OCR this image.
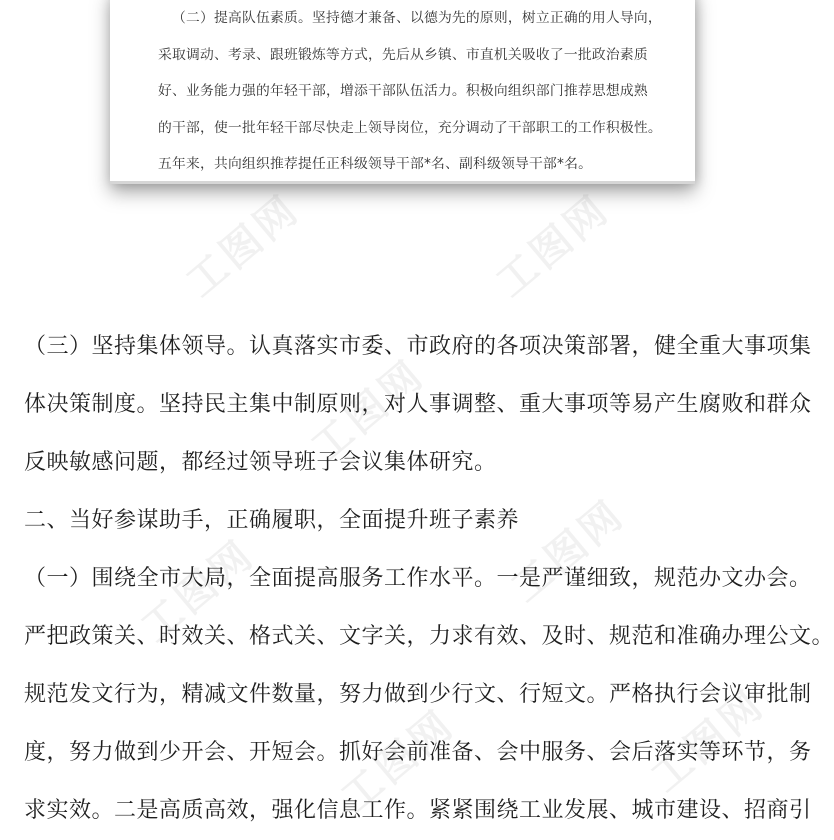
工图网	工图网
工图网
工图网
工图网
工图网	工图网
（二）提高队伍素质。坚持德才兼备、以德为先的原则，树立正确的用人导向，
采取调动、考录、跟班锻炼等方式，先后从乡镇、市直机关吸收了一批政治素质
好、业务能力强的年轻干部，增添干部队伍活力。积极向组织部门推荐思想成熟
的干部，使一批年轻干部尽快走上领导岗位，充分调动了干部职工的工作积极性。
五年来，共向组织推荐提任正科级领导干部*名、副科级领导干部*名。
（三）坚持集体领导。认真落实市委、市政府的各项决策部署，健全重大事项集
体决策制度。坚持民主集中制原则，对人事调整、重大事项等易产生腐败和群众
反映敏感问题，都经过领导班子会议集体研究。
二、当好参谋助手，正确履职，全面提升班子素养
（一）围绕全市大局，全面提高服务工作水平。一是严谨细致，规范办文办会。
严把政策关、时效关、格式关、文字关，力求有效、及时、规范和准确办理公文。
规范发文行为，精减文件数量，努力做到少行文、行短文。严格执行会议审批制
度，努力做到少开会、开短会。抓好会前准备、会中服务、会后落实等环节，务
求实效。二是高质高效，强化信息工作。紧紧围绕工业发展、城市建设、招商引
